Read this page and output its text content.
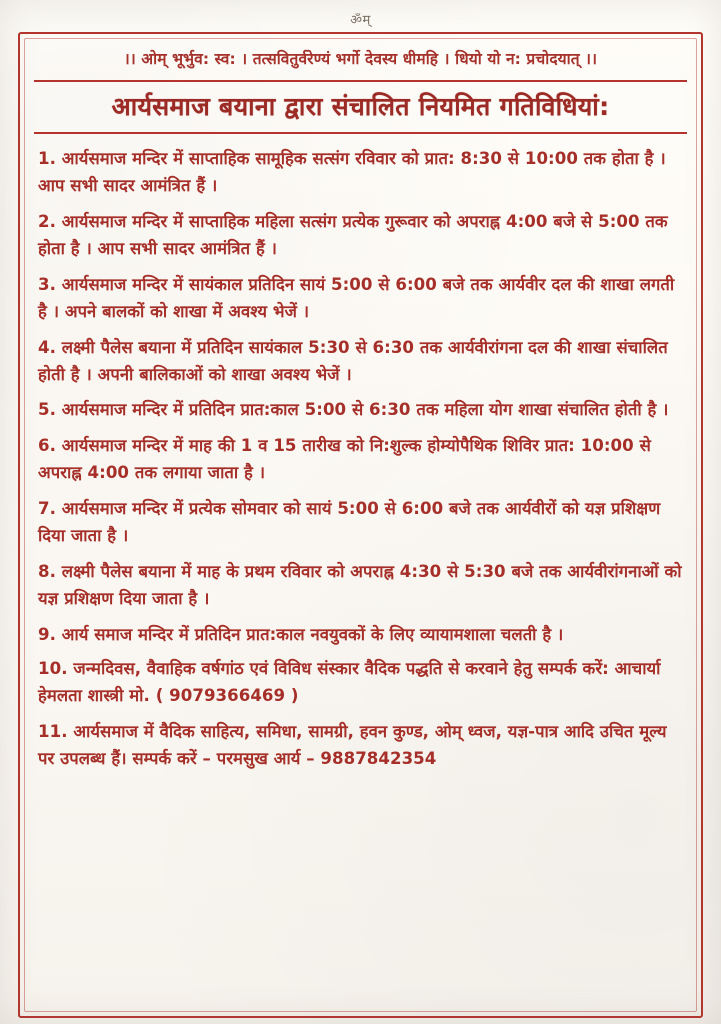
ॐम्
।। ओम् भूर्भुव: स्व: । तत्सवितुर्वरेण्यं भर्गो देवस्य धीमहि । धियो यो न: प्रचोदयात् ।।
आर्यसमाज बयाना द्वारा संचालित नियमित गतिविधियां:
1. आर्यसमाज मन्दिर में साप्ताहिक सामूहिक सत्संग रविवार को प्रात: 8:30 से 10:00 तक होता है । आप सभी सादर आमंत्रित हैं ।
2. आर्यसमाज मन्दिर में साप्ताहिक महिला सत्संग प्रत्येक गुरूवार को अपराह्न 4:00 बजे से 5:00 तक होता है । आप सभी सादर आमंत्रित हैं ।
3. आर्यसमाज मन्दिर में सायंकाल प्रतिदिन सायं 5:00 से 6:00 बजे तक आर्यवीर दल की शाखा लगती है । अपने बालकों को शाखा में अवश्य भेजें ।
4. लक्ष्मी पैलेस बयाना में प्रतिदिन सायंकाल 5:30 से 6:30 तक आर्यवीरांगना दल की शाखा संचालित होती है । अपनी बालिकाओं को शाखा अवश्य भेजें ।
5. आर्यसमाज मन्दिर में प्रतिदिन प्रात:काल 5:00 से 6:30 तक महिला योग शाखा संचालित होती है ।
6. आर्यसमाज मन्दिर में माह की 1 व 15 तारीख को नि:शुल्क होम्योपैथिक शिविर प्रात: 10:00 से अपराह्न 4:00 तक लगाया जाता है ।
7. आर्यसमाज मन्दिर में प्रत्येक सोमवार को सायं 5:00 से 6:00 बजे तक आर्यवीरों को यज्ञ प्रशिक्षण दिया जाता है ।
8. लक्ष्मी पैलेस बयाना में माह के प्रथम रविवार को अपराह्न 4:30 से 5:30 बजे तक आर्यवीरांगनाओं को यज्ञ प्रशिक्षण दिया जाता है ।
9. आर्य समाज मन्दिर में प्रतिदिन प्रात:काल नवयुवकों के लिए व्यायामशाला चलती है ।
10. जन्मदिवस, वैवाहिक वर्षगांठ एवं विविध संस्कार वैदिक पद्धति से करवाने हेतु सम्पर्क करें: आचार्या हेमलता शास्त्री मो. ( 9079366469 )
11. आर्यसमाज में वैदिक साहित्य, समिधा, सामग्री, हवन कुण्ड, ओम् ध्वज, यज्ञ-पात्र आदि उचित मूल्य पर उपलब्ध हैं। सम्पर्क करें – परमसुख आर्य – 9887842354
